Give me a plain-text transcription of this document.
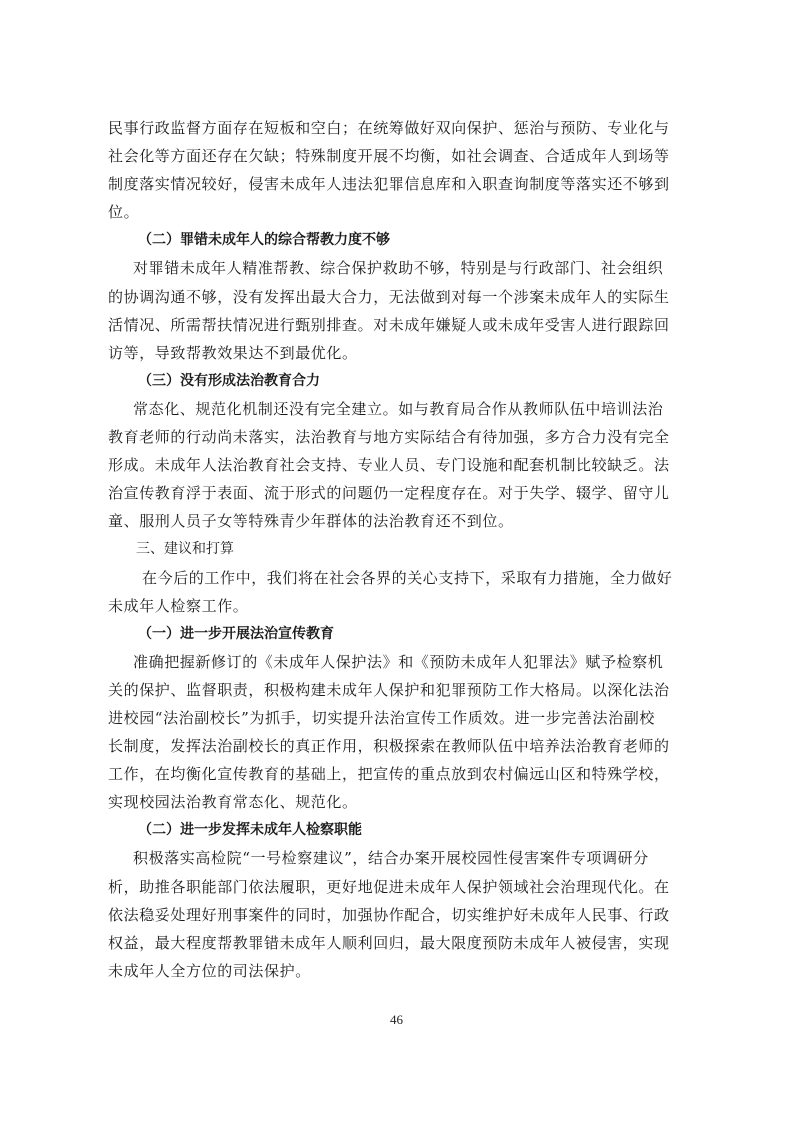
民事行政监督方面存在短板和空白；在统筹做好双向保护、惩治与预防、专业化与
社会化等方面还存在欠缺；特殊制度开展不均衡，如社会调查、合适成年人到场等
制度落实情况较好，侵害未成年人违法犯罪信息库和入职查询制度等落实还不够到
位。
（二）罪错未成年人的综合帮教力度不够
对罪错未成年人精准帮教、综合保护救助不够，特别是与行政部门、社会组织
的协调沟通不够，没有发挥出最大合力，无法做到对每一个涉案未成年人的实际生
活情况、所需帮扶情况进行甄别排查。对未成年嫌疑人或未成年受害人进行跟踪回
访等，导致帮教效果达不到最优化。
（三）没有形成法治教育合力
常态化、规范化机制还没有完全建立。如与教育局合作从教师队伍中培训法治
教育老师的行动尚未落实，法治教育与地方实际结合有待加强，多方合力没有完全
形成。未成年人法治教育社会支持、专业人员、专门设施和配套机制比较缺乏。法
治宣传教育浮于表面、流于形式的问题仍一定程度存在。对于失学、辍学、留守儿
童、服刑人员子女等特殊青少年群体的法治教育还不到位。
三、建议和打算
在今后的工作中，我们将在社会各界的关心支持下，采取有力措施，全力做好
未成年人检察工作。
（一）进一步开展法治宣传教育
准确把握新修订的《未成年人保护法》和《预防未成年人犯罪法》赋予检察机
关的保护、监督职责，积极构建未成年人保护和犯罪预防工作大格局。以深化法治
进校园“法治副校长”为抓手，切实提升法治宣传工作质效。进一步完善法治副校
长制度，发挥法治副校长的真正作用，积极探索在教师队伍中培养法治教育老师的
工作，在均衡化宣传教育的基础上，把宣传的重点放到农村偏远山区和特殊学校，
实现校园法治教育常态化、规范化。
（二）进一步发挥未成年人检察职能
积极落实高检院“一号检察建议”，结合办案开展校园性侵害案件专项调研分
析，助推各职能部门依法履职，更好地促进未成年人保护领域社会治理现代化。在
依法稳妥处理好刑事案件的同时，加强协作配合，切实维护好未成年人民事、行政
权益，最大程度帮教罪错未成年人顺利回归，最大限度预防未成年人被侵害，实现
未成年人全方位的司法保护。
46
